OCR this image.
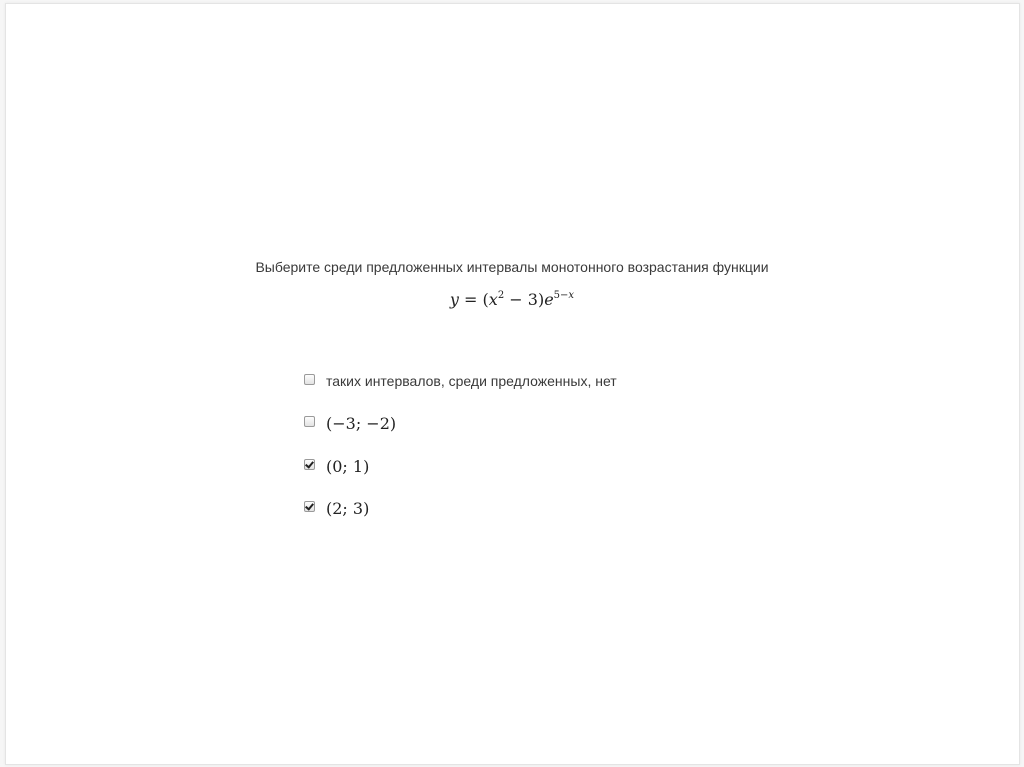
Выберите среди предложенных интервалы монотонного возрастания функции
$y = (x^2 - 3)e^{5-x}$
таких интервалов, среди предложенных, нет
(−3; −2)
(0; 1)
(2; 3)
